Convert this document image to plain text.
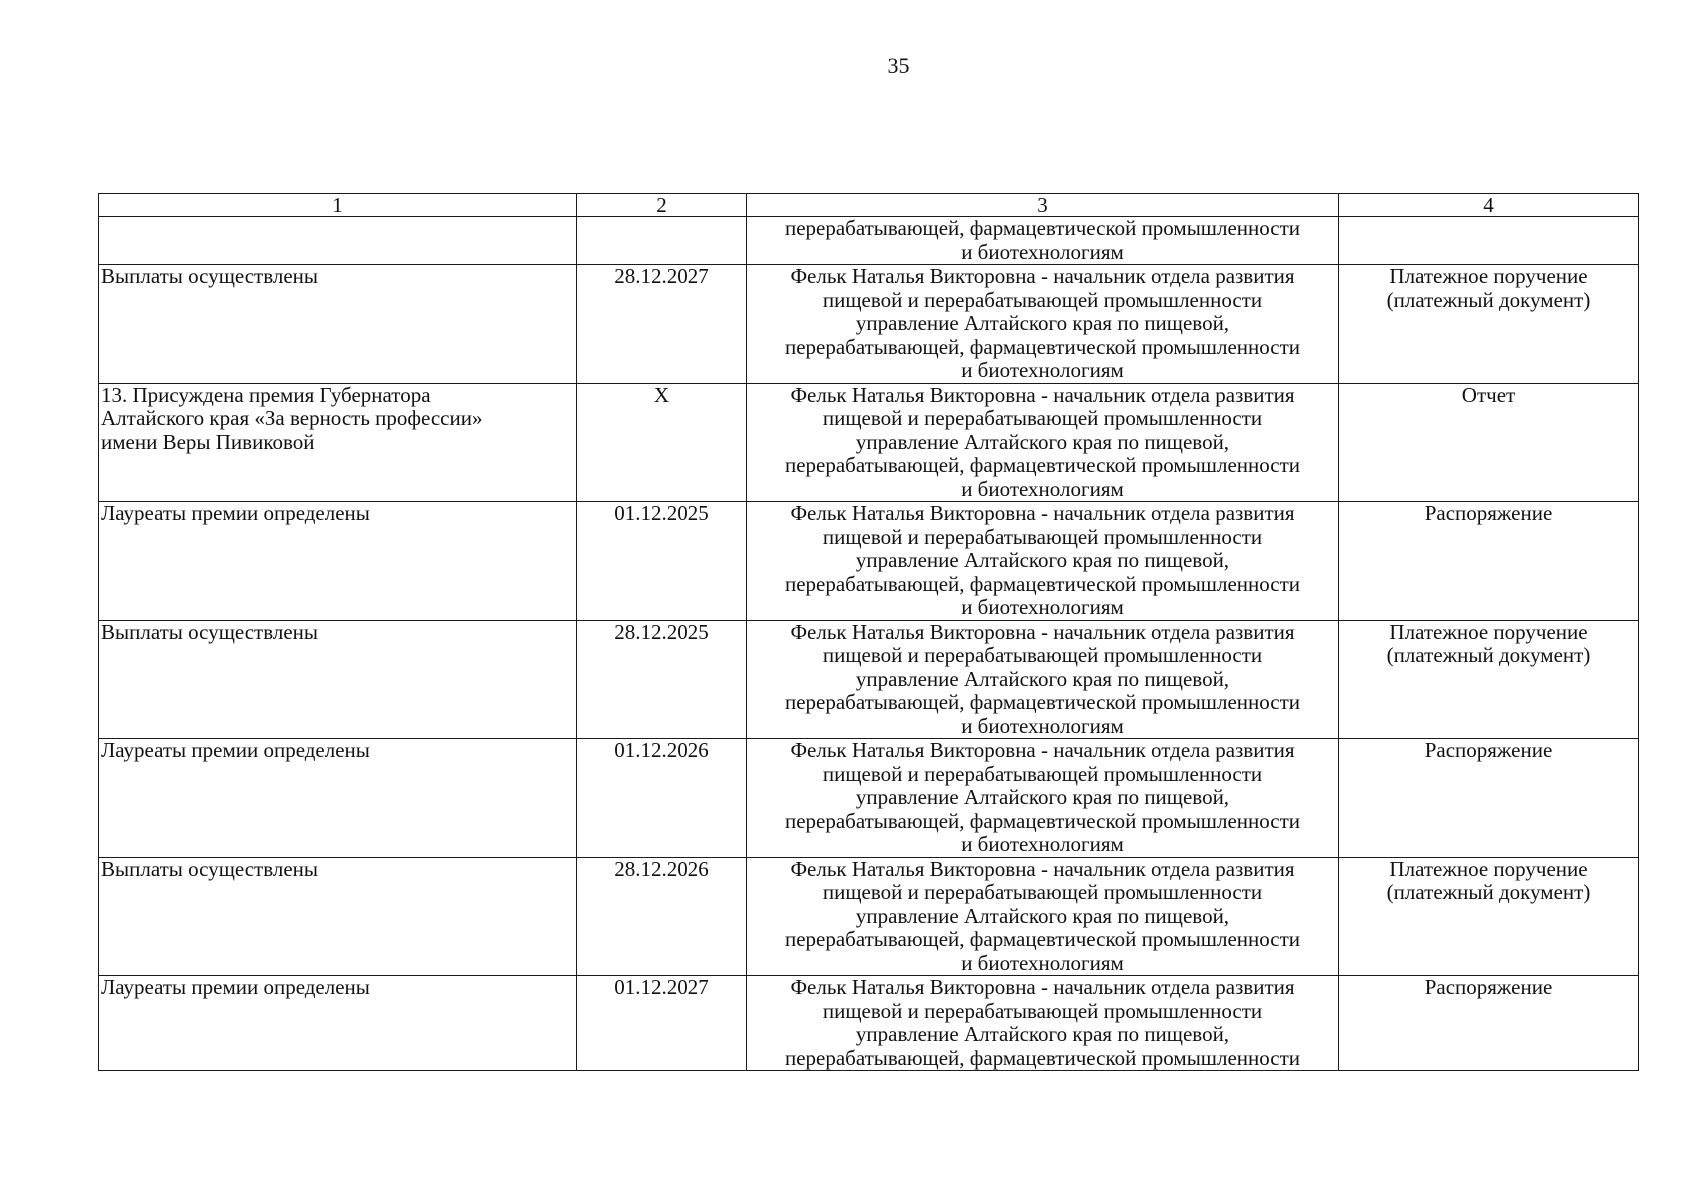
35
1	2	3	4

		перерабатывающей, фармацевтической промышленности
и биотехнологиям	

Выплаты осуществлены	28.12.2027	Фельк Наталья Викторовна - начальник отдела развития
пищевой и перерабатывающей промышленности
управление Алтайского края по пищевой,
перерабатывающей, фармацевтической промышленности
и биотехнологиям	Платежное поручение
(платежный документ)

13. Присуждена премия Губернатора
Алтайского края «За верность профессии»
имени Веры Пивиковой	X	Фельк Наталья Викторовна - начальник отдела развития
пищевой и перерабатывающей промышленности
управление Алтайского края по пищевой,
перерабатывающей, фармацевтической промышленности
и биотехнологиям	Отчет

Лауреаты премии определены	01.12.2025	Фельк Наталья Викторовна - начальник отдела развития
пищевой и перерабатывающей промышленности
управление Алтайского края по пищевой,
перерабатывающей, фармацевтической промышленности
и биотехнологиям	Распоряжение

Выплаты осуществлены	28.12.2025	Фельк Наталья Викторовна - начальник отдела развития
пищевой и перерабатывающей промышленности
управление Алтайского края по пищевой,
перерабатывающей, фармацевтической промышленности
и биотехнологиям	Платежное поручение
(платежный документ)

Лауреаты премии определены	01.12.2026	Фельк Наталья Викторовна - начальник отдела развития
пищевой и перерабатывающей промышленности
управление Алтайского края по пищевой,
перерабатывающей, фармацевтической промышленности
и биотехнологиям	Распоряжение

Выплаты осуществлены	28.12.2026	Фельк Наталья Викторовна - начальник отдела развития
пищевой и перерабатывающей промышленности
управление Алтайского края по пищевой,
перерабатывающей, фармацевтической промышленности
и биотехнологиям	Платежное поручение
(платежный документ)

Лауреаты премии определены	01.12.2027	Фельк Наталья Викторовна - начальник отдела развития
пищевой и перерабатывающей промышленности
управление Алтайского края по пищевой,
перерабатывающей, фармацевтической промышленности	Распоряжение
